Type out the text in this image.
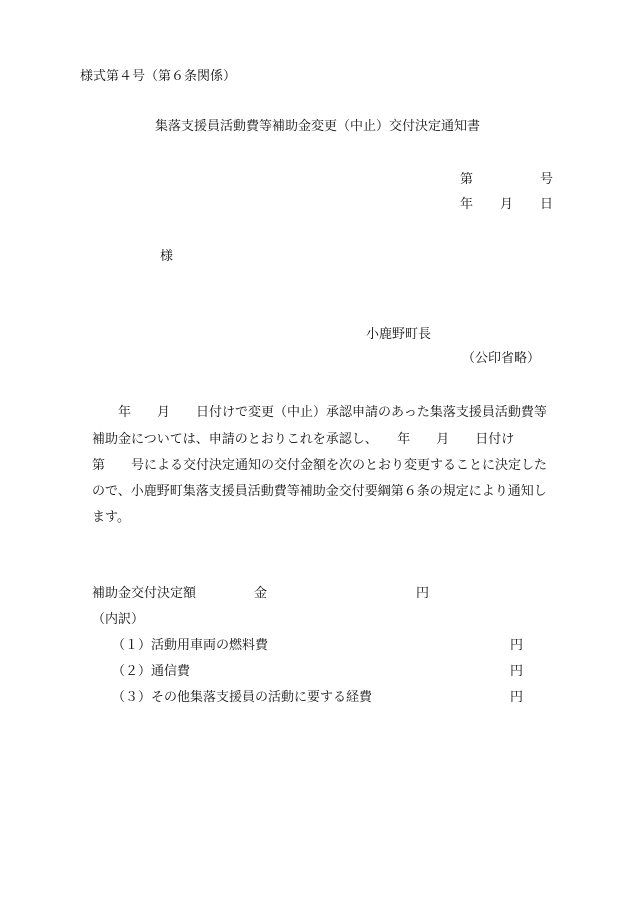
様式第４号（第６条関係）
集落支援員活動費等補助金変更（中止）交付決定通知書
第	号
年 月 日
様
小鹿野町長
（公印省略）
年　　月　　日付けで変更（中止）承認申請のあった集落支援員活動費等
補助金については、申請のとおりこれを承認し、　　年　　月　　日付け
第　　号による交付決定通知の交付金額を次のとおり変更することに決定した
ので、小鹿野町集落支援員活動費等補助金交付要綱第６条の規定により通知し
ます。
補助金交付決定額	金	円
（内訳）
（１）活動用車両の燃料費	円
（２）通信費	円
（３）その他集落支援員の活動に要する経費	円
